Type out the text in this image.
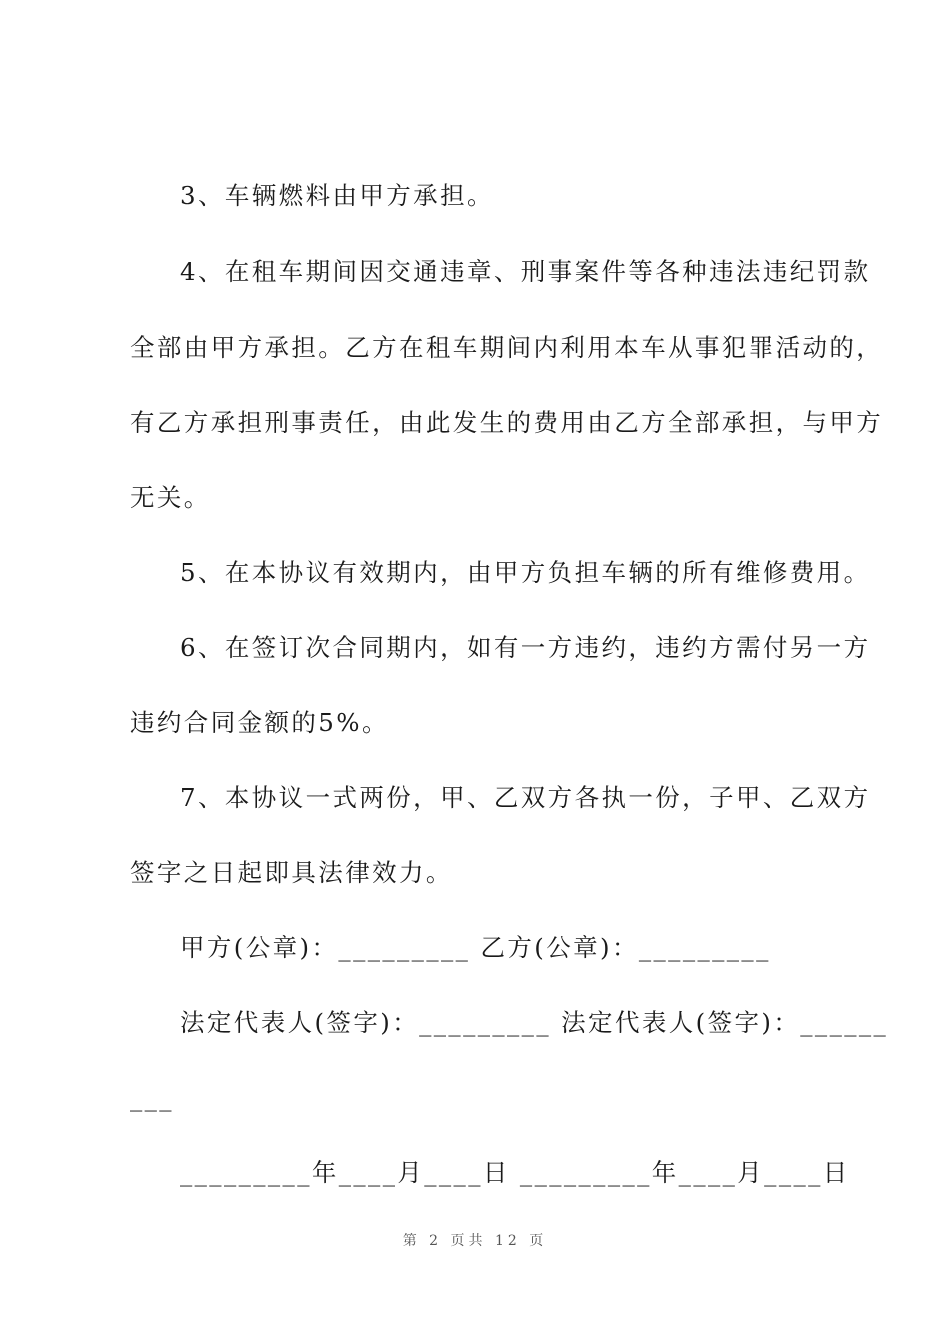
3、车辆燃料由甲方承担。
4、在租车期间因交通违章、刑事案件等各种违法违纪罚款
全部由甲方承担。乙方在租车期间内利用本车从事犯罪活动的，
有乙方承担刑事责任，由此发生的费用由乙方全部承担，与甲方
无关。
5、在本协议有效期内，由甲方负担车辆的所有维修费用。
6、在签订次合同期内，如有一方违约，违约方需付另一方
违约合同金额的5%。
7、本协议一式两份，甲、乙双方各执一份，子甲、乙双方
签字之日起即具法律效力。
甲方(公章)：_________ 乙方(公章)：_________
法定代表人(签字)：_________ 法定代表人(签字)：______
___
_________年____月____日 _________年____月____日
第 2 页共 12 页
